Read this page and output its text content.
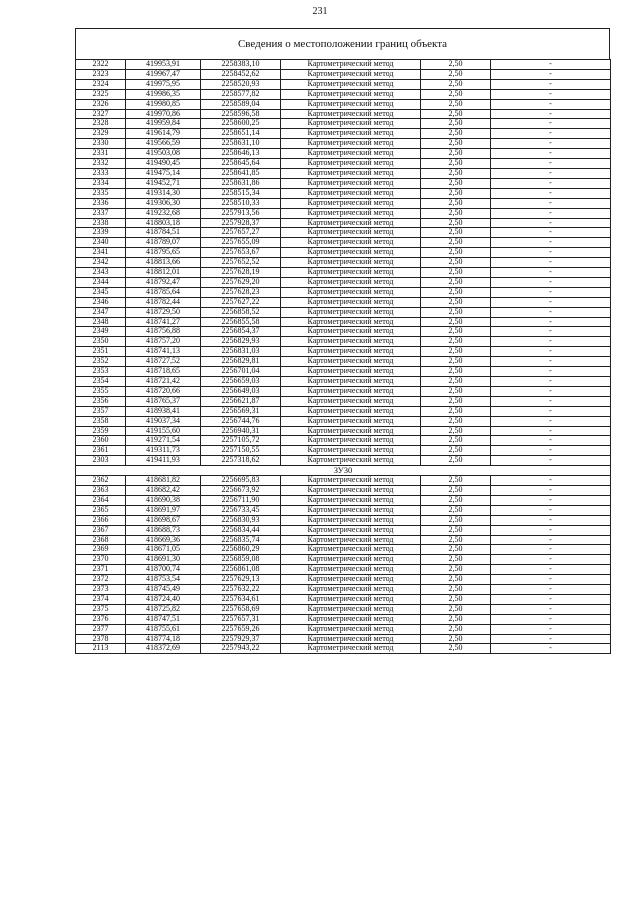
231
Сведения о местоположении границ объекта
2322	419953,91	2258383,10	Картометрический метод	2,50	-
2323	419967,47	2258452,62	Картометрический метод	2,50	-
2324	419975,95	2258520,93	Картометрический метод	2,50	-
2325	419986,35	2258577,82	Картометрический метод	2,50	-
2326	419980,85	2258589,04	Картометрический метод	2,50	-
2327	419970,86	2258596,58	Картометрический метод	2,50	-
2328	419959,84	2258600,25	Картометрический метод	2,50	-
2329	419614,79	2258651,14	Картометрический метод	2,50	-
2330	419566,59	2258631,10	Картометрический метод	2,50	-
2331	419503,08	2258646,13	Картометрический метод	2,50	-
2332	419490,45	2258645,64	Картометрический метод	2,50	-
2333	419475,14	2258641,85	Картометрический метод	2,50	-
2334	419452,71	2258631,86	Картометрический метод	2,50	-
2335	419314,30	2258515,34	Картометрический метод	2,50	-
2336	419306,30	2258510,33	Картометрический метод	2,50	-
2337	419232,68	2257913,56	Картометрический метод	2,50	-
2338	418803,18	2257928,37	Картометрический метод	2,50	-
2339	418784,51	2257657,27	Картометрический метод	2,50	-
2340	418789,07	2257655,09	Картометрический метод	2,50	-
2341	418795,65	2257653,67	Картометрический метод	2,50	-
2342	418813,66	2257652,52	Картометрический метод	2,50	-
2343	418812,01	2257628,19	Картометрический метод	2,50	-
2344	418792,47	2257629,20	Картометрический метод	2,50	-
2345	418785,64	2257628,23	Картометрический метод	2,50	-
2346	418782,44	2257627,22	Картометрический метод	2,50	-
2347	418729,50	2256858,52	Картометрический метод	2,50	-
2348	418741,27	2256855,58	Картометрический метод	2,50	-
2349	418756,88	2256854,37	Картометрический метод	2,50	-
2350	418757,20	2256829,93	Картометрический метод	2,50	-
2351	418741,13	2256831,03	Картометрический метод	2,50	-
2352	418727,52	2256829,81	Картометрический метод	2,50	-
2353	418718,65	2256701,04	Картометрический метод	2,50	-
2354	418721,42	2256659,03	Картометрический метод	2,50	-
2355	418720,66	2256649,03	Картометрический метод	2,50	-
2356	418765,37	2256621,87	Картометрический метод	2,50	-
2357	418938,41	2256569,31	Картометрический метод	2,50	-
2358	419037,34	2256744,76	Картометрический метод	2,50	-
2359	419155,60	2256940,31	Картометрический метод	2,50	-
2360	419271,54	2257105,72	Картометрический метод	2,50	-
2361	419311,73	2257150,55	Картометрический метод	2,50	-
2303	419411,93	2257318,62	Картометрический метод	2,50	-
ЗУ30					
2362	418681,82	2256695,83	Картометрический метод	2,50	-
2363	418682,42	2256673,92	Картометрический метод	2,50	-
2364	418690,38	2256711,90	Картометрический метод	2,50	-
2365	418691,97	2256733,45	Картометрический метод	2,50	-
2366	418698,67	2256830,93	Картометрический метод	2,50	-
2367	418688,73	2256834,44	Картометрический метод	2,50	-
2368	418669,36	2256835,74	Картометрический метод	2,50	-
2369	418671,05	2256860,29	Картометрический метод	2,50	-
2370	418691,30	2256859,08	Картометрический метод	2,50	-
2371	418700,74	2256861,08	Картометрический метод	2,50	-
2372	418753,54	2257629,13	Картометрический метод	2,50	-
2373	418745,49	2257632,22	Картометрический метод	2,50	-
2374	418724,40	2257634,61	Картометрический метод	2,50	-
2375	418725,82	2257658,69	Картометрический метод	2,50	-
2376	418747,51	2257657,31	Картометрический метод	2,50	-
2377	418755,61	2257659,26	Картометрический метод	2,50	-
2378	418774,18	2257929,37	Картометрический метод	2,50	-
2113	418372,69	2257943,22	Картометрический метод	2,50	-
